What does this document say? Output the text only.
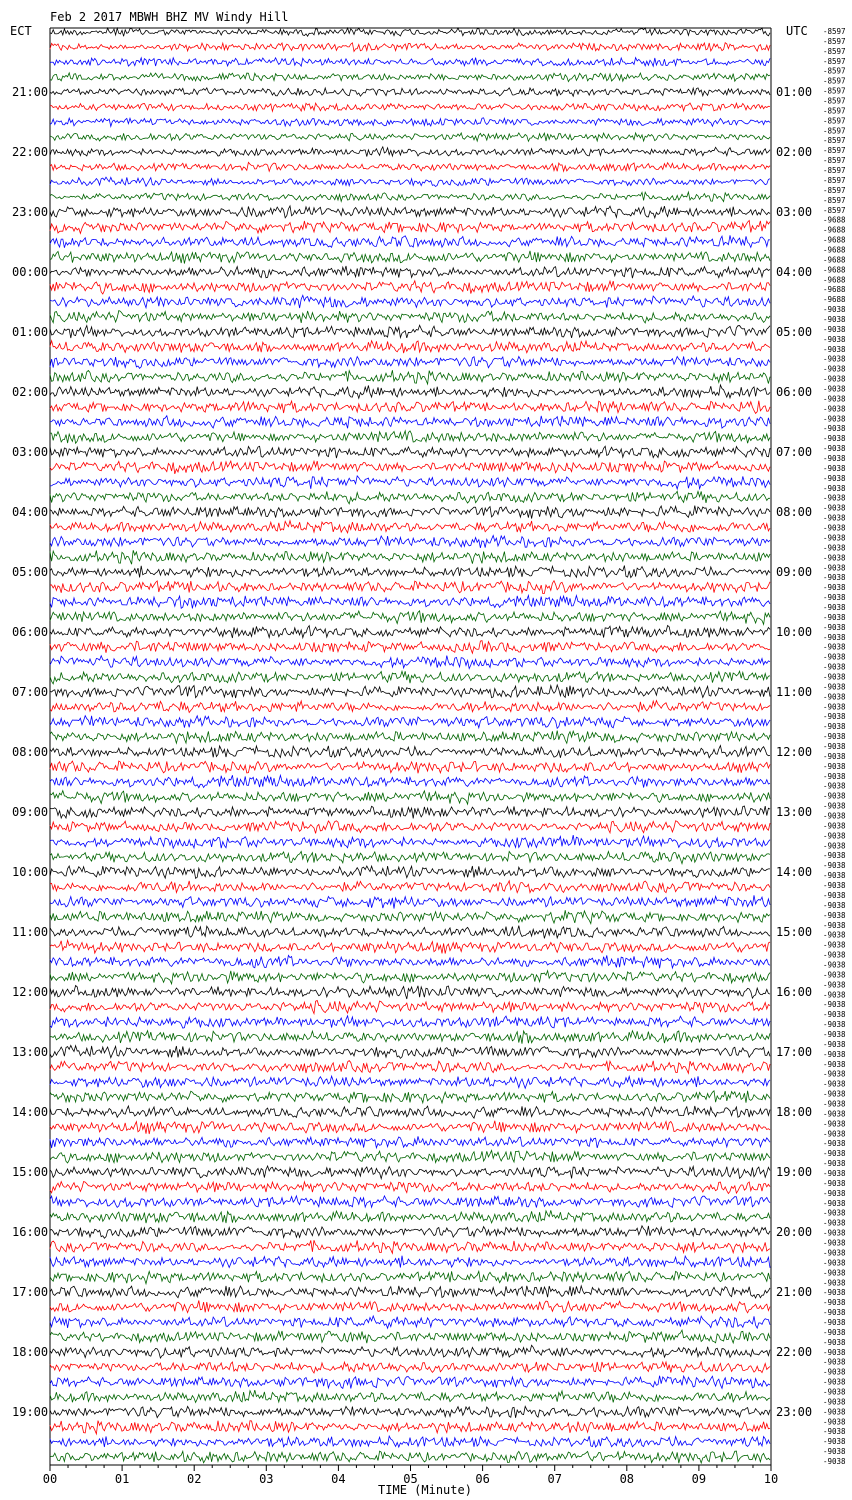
Feb 2 2017 MBWH BHZ MV Windy Hill
ECT	UTC
21:00
22:00
23:00
00:00
01:00
02:00
03:00
04:00
05:00
06:00
07:00
08:00
09:00
10:00
11:00
12:00
13:00
14:00
15:00
16:00
17:00
18:00
19:00
01:00
02:00
03:00
04:00
05:00
06:00
07:00
08:00
09:00
10:00
11:00
12:00
13:00
14:00
15:00
16:00
17:00
18:00
19:00
20:00
21:00
22:00
23:00
-8597
-8597
-8597
-8597
-8597
-8597
-8597
-8597
-8597
-8597
-8597
-8597
-8597
-8597
-8597
-8597
-8597
-8597
-8597
-9688
-9688
-9688
-9688
-9688
-9688
-9688
-9688
-9688
-9038
-9038
-9038
-9038
-9038
-9038
-9038
-9038
-9038
-9038
-9038
-9038
-9038
-9038
-9038
-9038
-9038
-9038
-9038
-9038
-9038
-9038
-9038
-9038
-9038
-9038
-9038
-9038
-9038
-9038
-9038
-9038
-9038
-9038
-9038
-9038
-9038
-9038
-9038
-9038
-9038
-9038
-9038
-9038
-9038
-9038
-9038
-9038
-9038
-9038
-9038
-9038
-9038
-9038
-9038
-9038
-9038
-9038
-9038
-9038
-9038
-9038
-9038
-9038
-9038
-9038
-9038
-9038
-9038
-9038
-9038
-9038
-9038
-9038
-9038
-9038
-9038
-9038
-9038
-9038
-9038
-9038
-9038
-9038
-9038
-9038
-9038
-9038
-9038
-9038
-9038
-9038
-9038
-9038
-9038
-9038
-9038
-9038
-9038
-9038
-9038
-9038
-9038
-9038
-9038
-9038
-9038
-9038
-9038
-9038
-9038
-9038
-9038
-9038
-9038
-9038
-9038
00	01	02	03	04	05	06	07	08	09	10
TIME (Minute)
